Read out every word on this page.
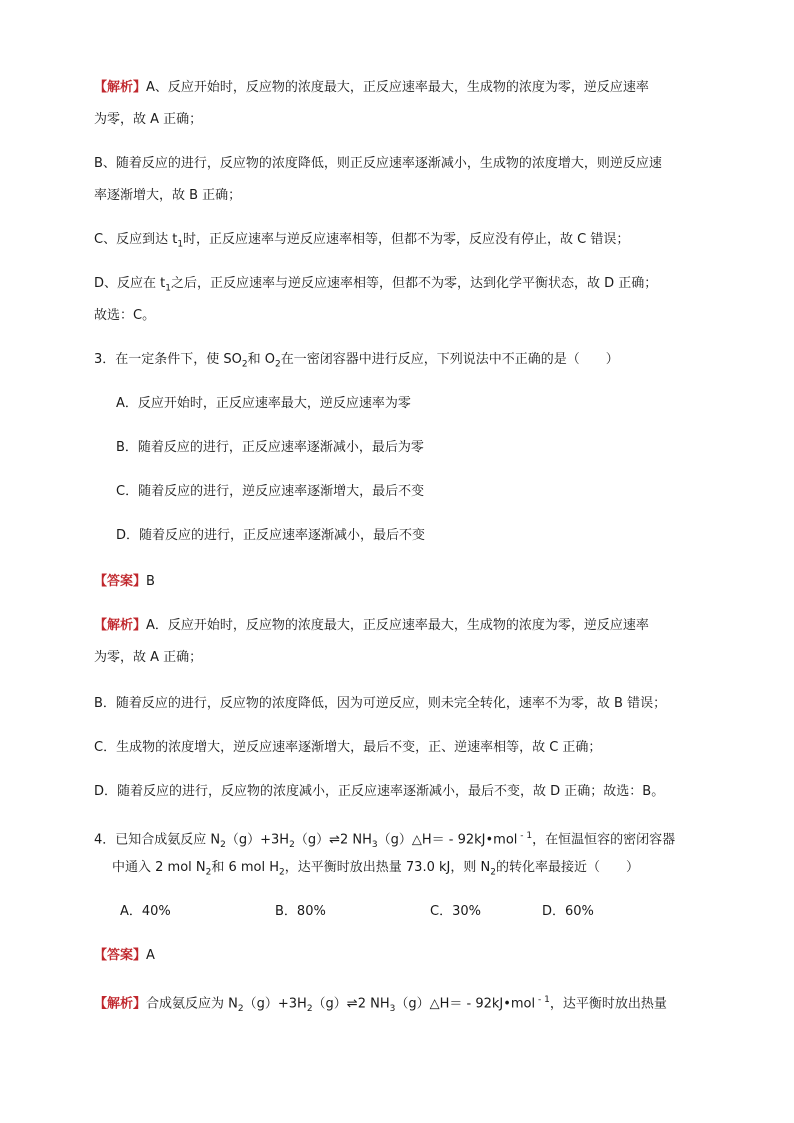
【解析】A、反应开始时，反应物的浓度最大，正反应速率最大，生成物的浓度为零，逆反应速率
为零，故 A 正确；
B、随着反应的进行，反应物的浓度降低，则正反应速率逐渐减小，生成物的浓度增大，则逆反应速
率逐渐增大，故 B 正确；
C、反应到达 $t_1$时，正反应速率与逆反应速率相等，但都不为零，反应没有停止，故 C 错误；
D、反应在 $t_1$之后，正反应速率与逆反应速率相等，但都不为零，达到化学平衡状态，故 D 正确；
故选：C。
3．在一定条件下，使 $SO_2$和 $O_2$在一密闭容器中进行反应，下列说法中不正确的是（　　）
A．反应开始时，正反应速率最大，逆反应速率为零
B．随着反应的进行，正反应速率逐渐减小，最后为零
C．随着反应的进行，逆反应速率逐渐增大，最后不变
D．随着反应的进行，正反应速率逐渐减小，最后不变
【答案】B
【解析】A．反应开始时，反应物的浓度最大，正反应速率最大，生成物的浓度为零，逆反应速率
为零，故 A 正确；
B．随着反应的进行，反应物的浓度降低，因为可逆反应，则未完全转化，速率不为零，故 B 错误；
C．生成物的浓度增大，逆反应速率逐渐增大，最后不变，正、逆速率相等，故 C 正确；
D．随着反应的进行，反应物的浓度减小，正反应速率逐渐减小，最后不变，故 D 正确；故选：B。
4．已知合成氨反应 $N_2(g)+3H_2(g)\rightleftharpoons 2$ $NH_3(g)\triangle H=$ - 92kJ•mol $^{- 1}$，在恒温恒容的密闭容器
中通入 2 mol $N_2$和 6 mol $H_2$，达平衡时放出热量 73.0 kJ，则 $N_2$的转化率最接近（　　）
A．40%	B．80%	C．30%	D．60%
【答案】A
【解析】合成氨反应为 $N_2(g)+3H_2(g)\rightleftharpoons 2$ $NH_3(g)\triangle H=$ - 92kJ•mol $^{- 1}$，达平衡时放出热量
